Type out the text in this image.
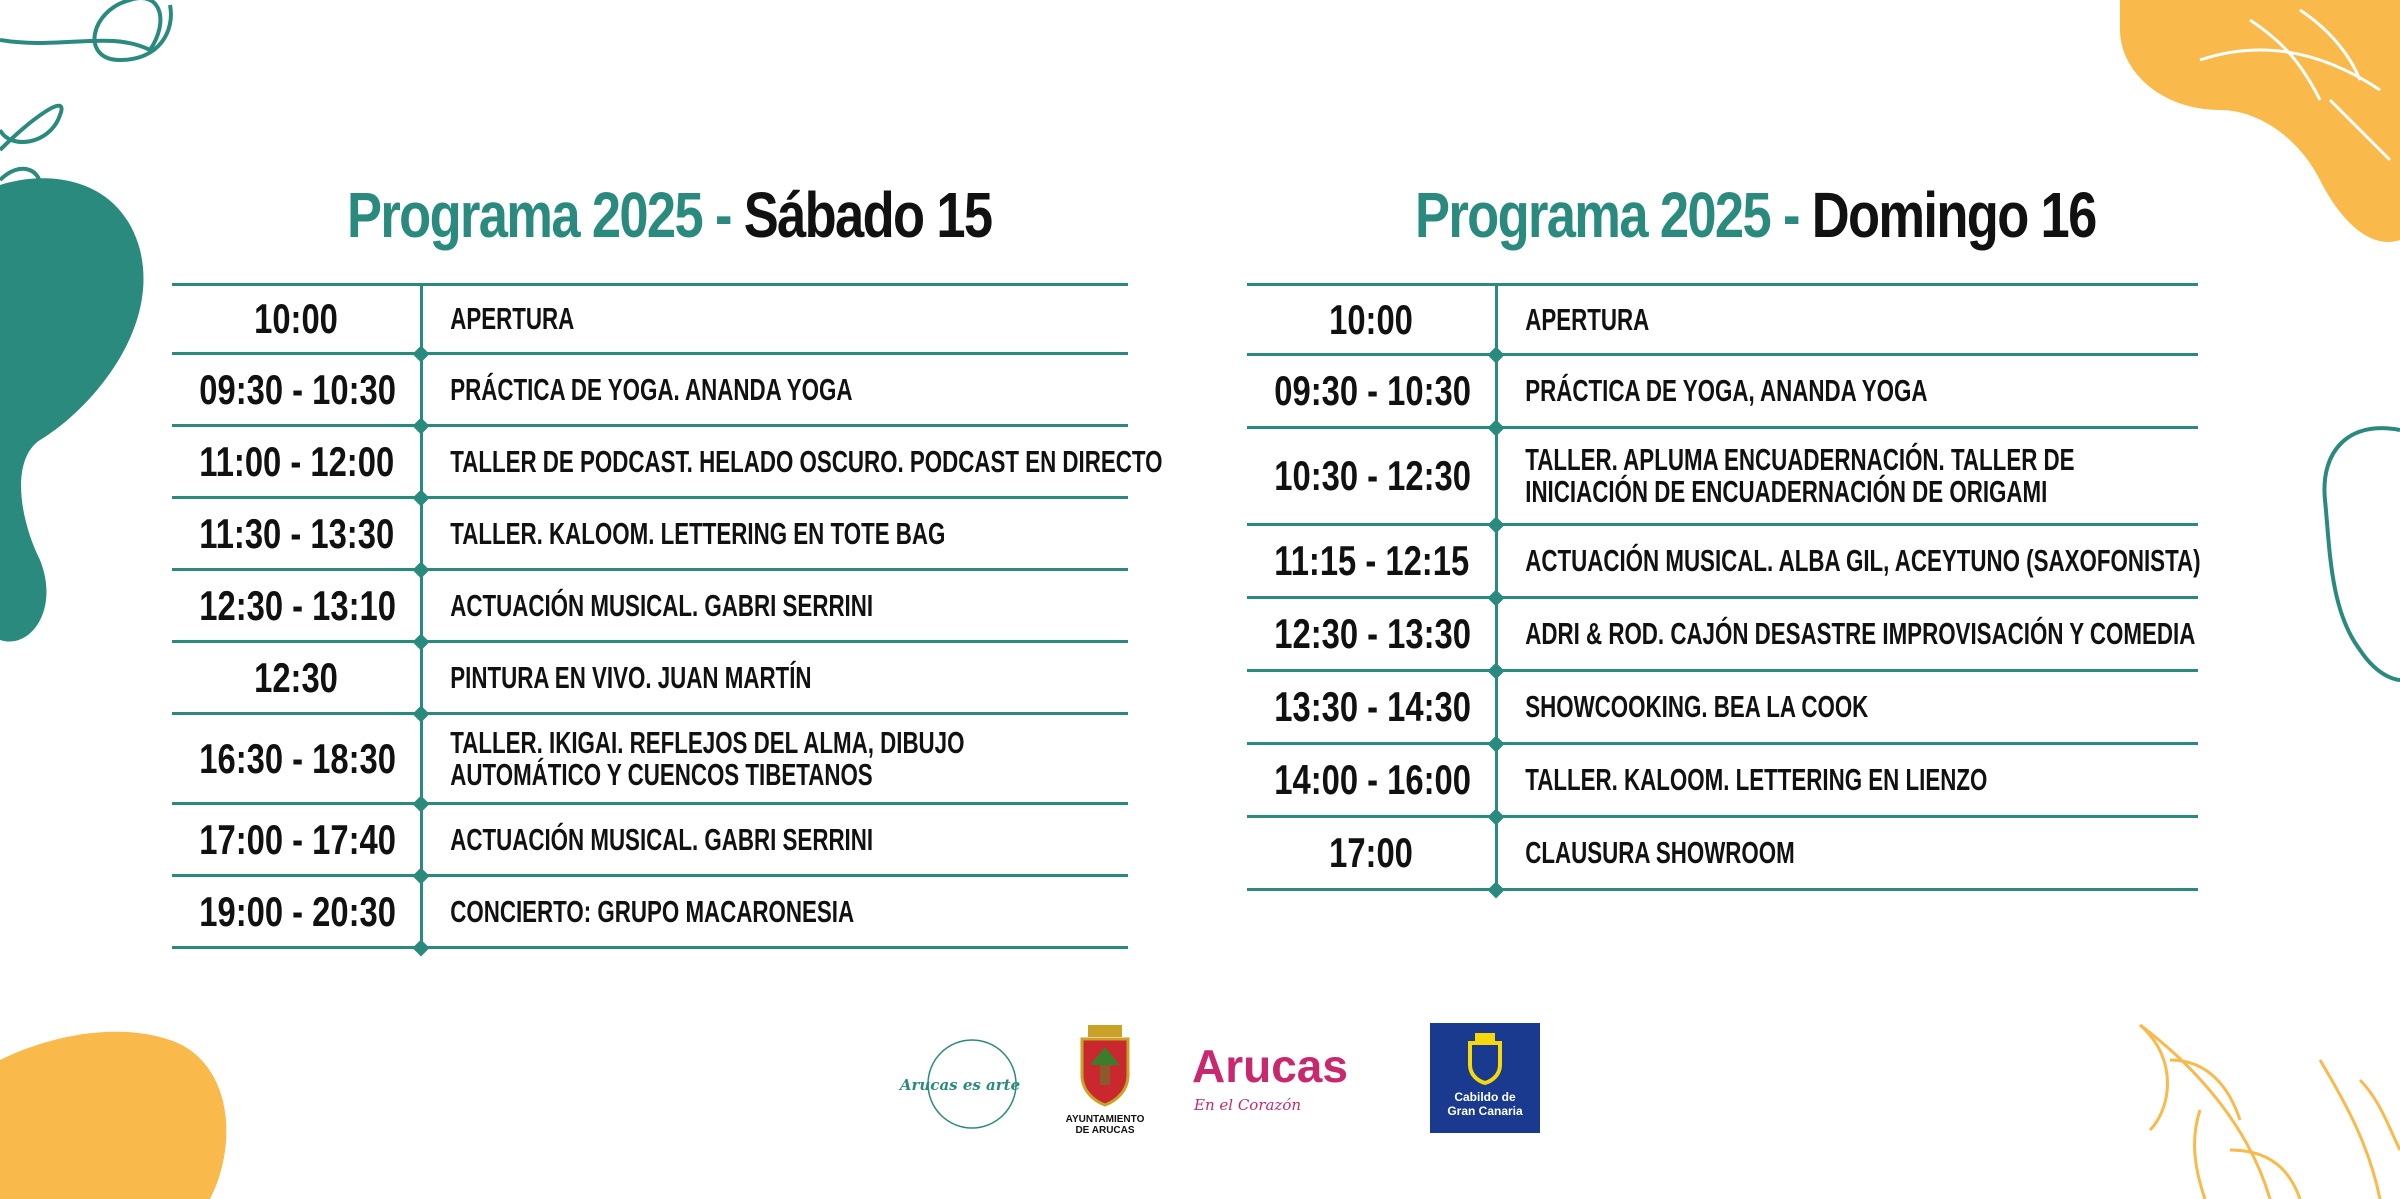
Programa 2025 - Sábado 15
10:00	APERTURA
09:30 - 10:30 PRÁCTICA DE YOGA. ANANDA YOGA
11:00 - 12:00 TALLER DE PODCAST. HELADO OSCURO. PODCAST EN DIRECTO
11:30 - 13:30 TALLER. KALOOM. LETTERING EN TOTE BAG
12:30 - 13:10 ACTUACIÓN MUSICAL. GABRI SERRINI
12:30	PINTURA EN VIVO. JUAN MARTÍN
16:30 - 18:30 TALLER. IKIGAI. REFLEJOS DEL ALMA, DIBUJO
AUTOMÁTICO Y CUENCOS TIBETANOS
17:00 - 17:40 ACTUACIÓN MUSICAL. GABRI SERRINI
19:00 - 20:30 CONCIERTO: GRUPO MACARONESIA
Programa 2025 - Domingo 16
10:00	APERTURA
09:30 - 10:30 PRÁCTICA DE YOGA, ANANDA YOGA
10:30 - 12:30 TALLER. APLUMA ENCUADERNACIÓN. TALLER DE
INICIACIÓN DE ENCUADERNACIÓN DE ORIGAMI
11:15 - 12:15 ACTUACIÓN MUSICAL. ALBA GIL, ACEYTUNO (SAXOFONISTA)
12:30 - 13:30 ADRI & ROD. CAJÓN DESASTRE IMPROVISACIÓN Y COMEDIA
13:30 - 14:30 SHOWCOOKING. BEA LA COOK
14:00 - 16:00 TALLER. KALOOM. LETTERING EN LIENZO
17:00	CLAUSURA SHOWROOM
Arucas es arte
AYUNTAMIENTO DE ARUCAS
Arucas
En el Corazón	Cabildo de Gran Canaria
